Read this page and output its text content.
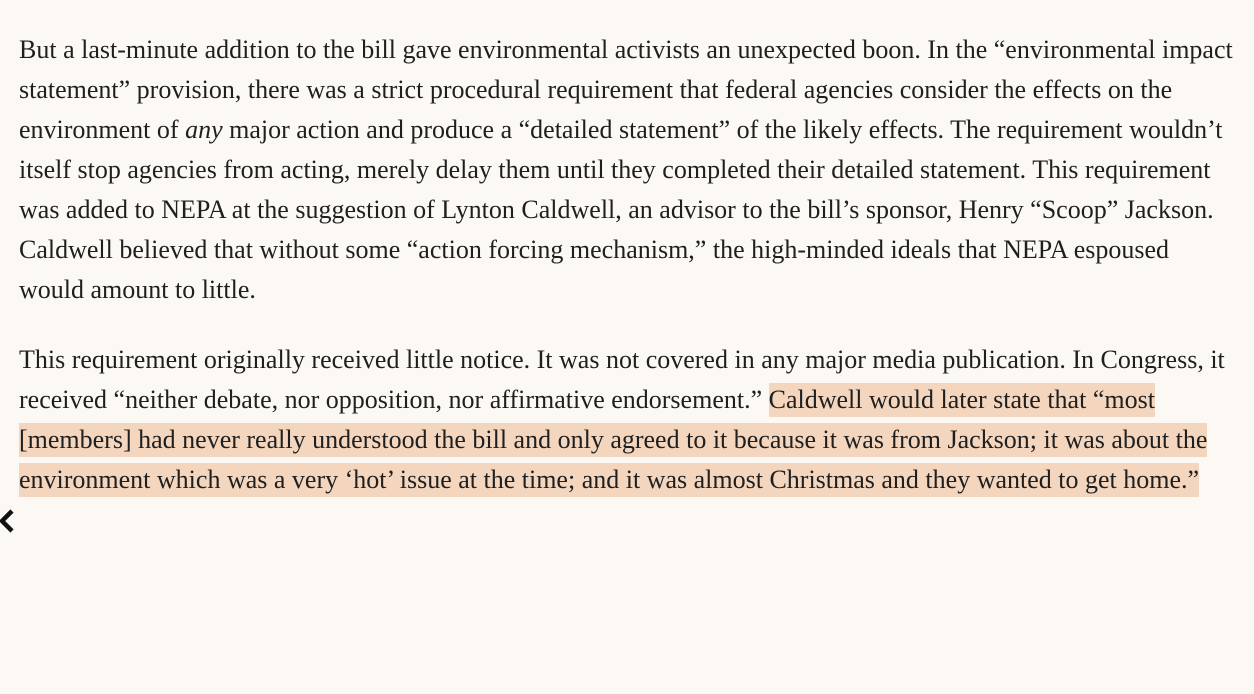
But a last-minute addition to the bill gave environmental activists an unexpected boon. In the “environmental impact statement” provision, there was a strict procedural requirement that federal agencies consider the effects on the environment of any major action and produce a “detailed statement” of the likely effects. The requirement wouldn’t itself stop agencies from acting, merely delay them until they completed their detailed statement. This requirement was added to NEPA at the suggestion of Lynton Caldwell, an advisor to the bill’s sponsor, Henry “Scoop” Jackson. Caldwell believed that without some “action forcing mechanism,” the high-minded ideals that NEPA espoused would amount to little.

This requirement originally received little notice. It was not covered in any major media publication. In Congress, it received “neither debate, nor opposition, nor affirmative endorsement.” Caldwell would later state that “most [members] had never really understood the bill and only agreed to it because it was from Jackson; it was about the environment which was a very ‘hot’ issue at the time; and it was almost Christmas and they wanted to get home.”
